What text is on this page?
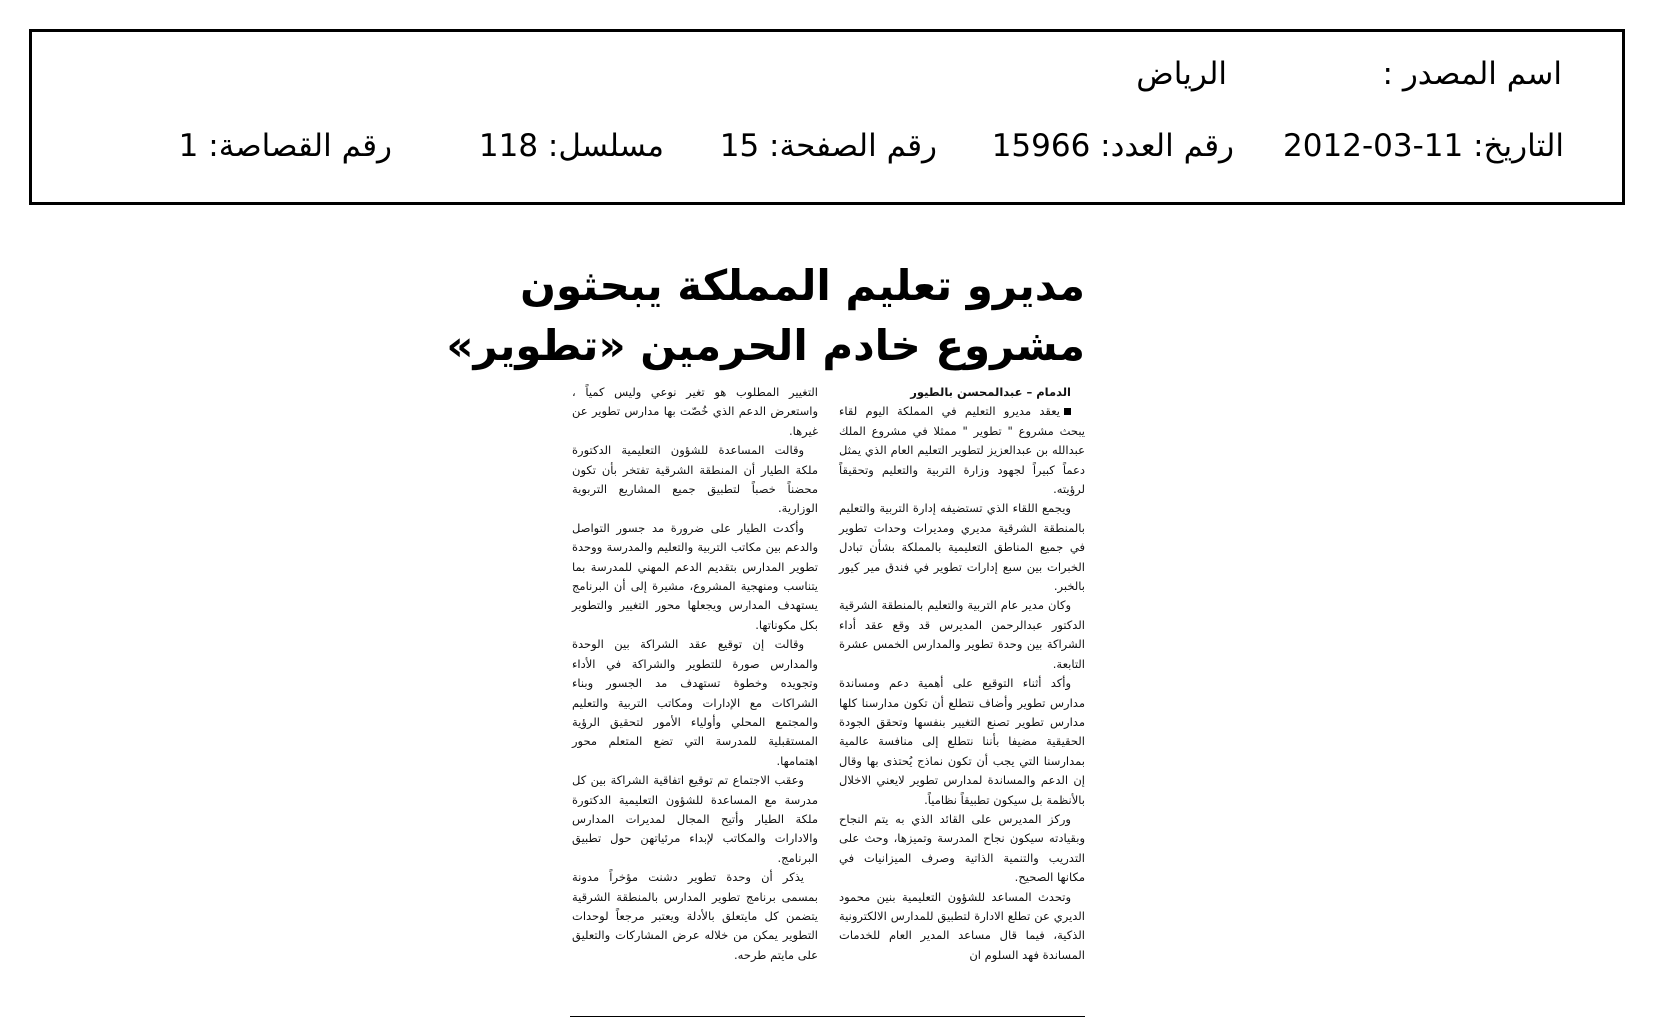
اسم المصدر :
الرياض
التاريخ: 11-03-2012
رقم العدد: 15966
رقم الصفحة: 15
مسلسل: 118
رقم القصاصة: 1
مديرو تعليم المملكة يبحثون
مشروع خادم الحرمين «تطوير»

الدمام – عبدالمحسن بالطيور

يعقد مديرو التعليم في المملكة اليوم لقاء يبحث مشروع " تطوير " ممثلا في مشروع الملك عبدالله بن عبدالعزيز لتطوير التعليم العام الذي يمثل دعماً كبيراً لجهود وزارة التربية والتعليم وتحقيقاً لرؤيته.

ويجمع اللقاء الذي تستضيفه إدارة التربية والتعليم بالمنطقة الشرقية مديري ومديرات وحدات تطوير في جميع المناطق التعليمية بالمملكة بشأن تبادل الخبرات بين سبع إدارات تطوير في فندق مير كيور بالخبر.

وكان مدير عام التربية والتعليم بالمنطقة الشرقية الدكتور عبدالرحمن المديرس قد وقع عقد أداء الشراكة بين وحدة تطوير والمدارس الخمس عشرة التابعة.

وأكد أثناء التوقيع على أهمية دعم ومساندة مدارس تطوير وأضاف نتطلع أن تكون مدارسنا كلها مدارس تطوير تصنع التغيير بنفسها وتحقق الجودة الحقيقية مضيفا بأننا نتطلع إلى منافسة عالمية بمدارسنا التي يجب أن تكون نماذج يُحتذى بها وقال إن الدعم والمساندة لمدارس تطوير لايعني الاخلال بالأنظمة بل سيكون تطبيقاً نظامياً.

وركز المديرس على القائد الذي به يتم النجاح وبقيادته سيكون نجاح المدرسة وتميزها، وحث على التدريب والتنمية الذاتية وصرف الميزانيات في مكانها الصحيح.

وتحدث المساعد للشؤون التعليمية بنين محمود الديري عن تطلع الادارة لتطبيق للمدارس الالكترونية الذكية، فيما قال مساعد المدير العام للخدمات المساندة فهد السلوم ان

التغيير المطلوب هو تغير نوعي وليس كمياً ، واستعرض الدعم الذي خُصّت بها مدارس تطوير عن غيرها.

وقالت المساعدة للشؤون التعليمية الدكتورة ملكة الطيار أن المنطقة الشرقية تفتخر بأن تكون محضناً خصباً لتطبيق جميع المشاريع التربوية الوزارية.

وأكدت الطيار على ضرورة مد جسور التواصل والدعم بين مكاتب التربية والتعليم والمدرسة ووحدة تطوير المدارس بتقديم الدعم المهني للمدرسة بما يتناسب ومنهجية المشروع، مشيرة إلى أن البرنامج يستهدف المدارس ويجعلها محور التغيير والتطوير بكل مكوناتها.

وقالت إن توقيع عقد الشراكة بين الوحدة والمدارس صورة للتطوير والشراكة في الأداء وتجويده وخطوة تستهدف مد الجسور وبناء الشراكات مع الإدارات ومكاتب التربية والتعليم والمجتمع المحلي وأولياء الأمور لتحقيق الرؤية المستقبلية للمدرسة التي تضع المتعلم محور اهتمامها.

وعقب الاجتماع تم توقيع اتفاقية الشراكة بين كل مدرسة مع المساعدة للشؤون التعليمية الدكتورة ملكة الطيار وأتيح المجال لمديرات المدارس والادارات والمكاتب لإبداء مرئياتهن حول تطبيق البرنامج.

يذكر أن وحدة تطوير دشنت مؤخراً مدونة بمسمى برنامج تطوير المدارس بالمنطقة الشرقية يتضمن كل مايتعلق بالأدلة ويعتبر مرجعاً لوحدات التطوير يمكن من خلاله عرض المشاركات والتعليق على مايتم طرحه.
